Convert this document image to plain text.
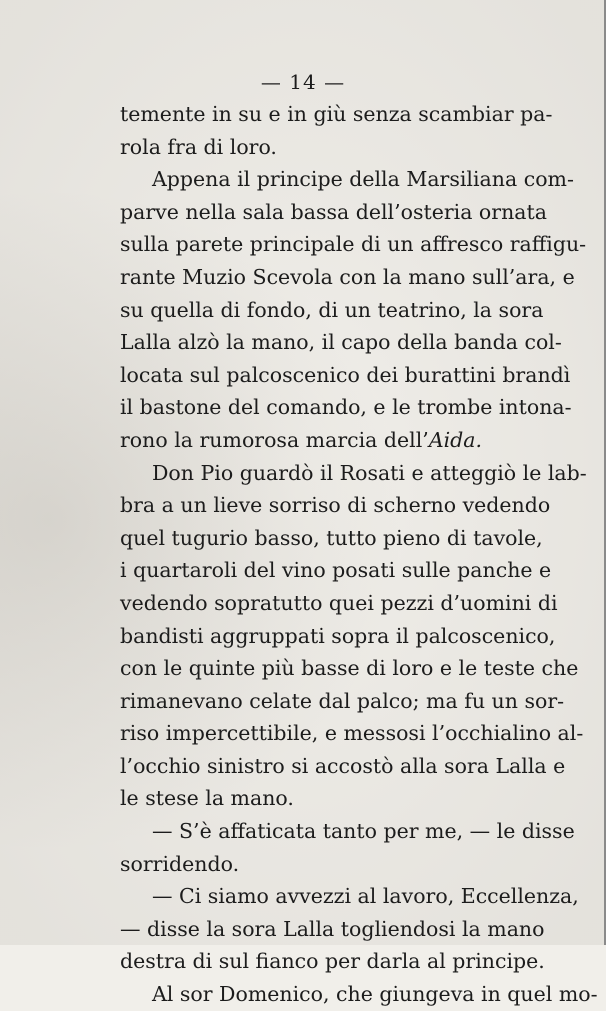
— 14 —
temente in su e in giù senza scambiar pa-
rola fra di loro.
Appena il principe della Marsiliana com-
parve nella sala bassa dell’osteria ornata
sulla parete principale di un affresco raffigu-
rante Muzio Scevola con la mano sull’ara, e
su quella di fondo, di un teatrino, la sora
Lalla alzò la mano, il capo della banda col-
locata sul palcoscenico dei burattini brandì
il bastone del comando, e le trombe intona-
rono la rumorosa marcia dell’Aida.
Don Pio guardò il Rosati e atteggiò le lab-
bra a un lieve sorriso di scherno vedendo
quel tugurio basso, tutto pieno di tavole,
i quartaroli del vino posati sulle panche e
vedendo sopratutto quei pezzi d’uomini di
bandisti aggruppati sopra il palcoscenico,
con le quinte più basse di loro e le teste che
rimanevano celate dal palco; ma fu un sor-
riso impercettibile, e messosi l’occhialino al-
l’occhio sinistro si accostò alla sora Lalla e
le stese la mano.
— S’è affaticata tanto per me, — le disse
sorridendo.
— Ci siamo avvezzi al lavoro, Eccellenza,
— disse la sora Lalla togliendosi la mano
destra di sul fianco per darla al principe.
Al sor Domenico, che giungeva in quel mo-
